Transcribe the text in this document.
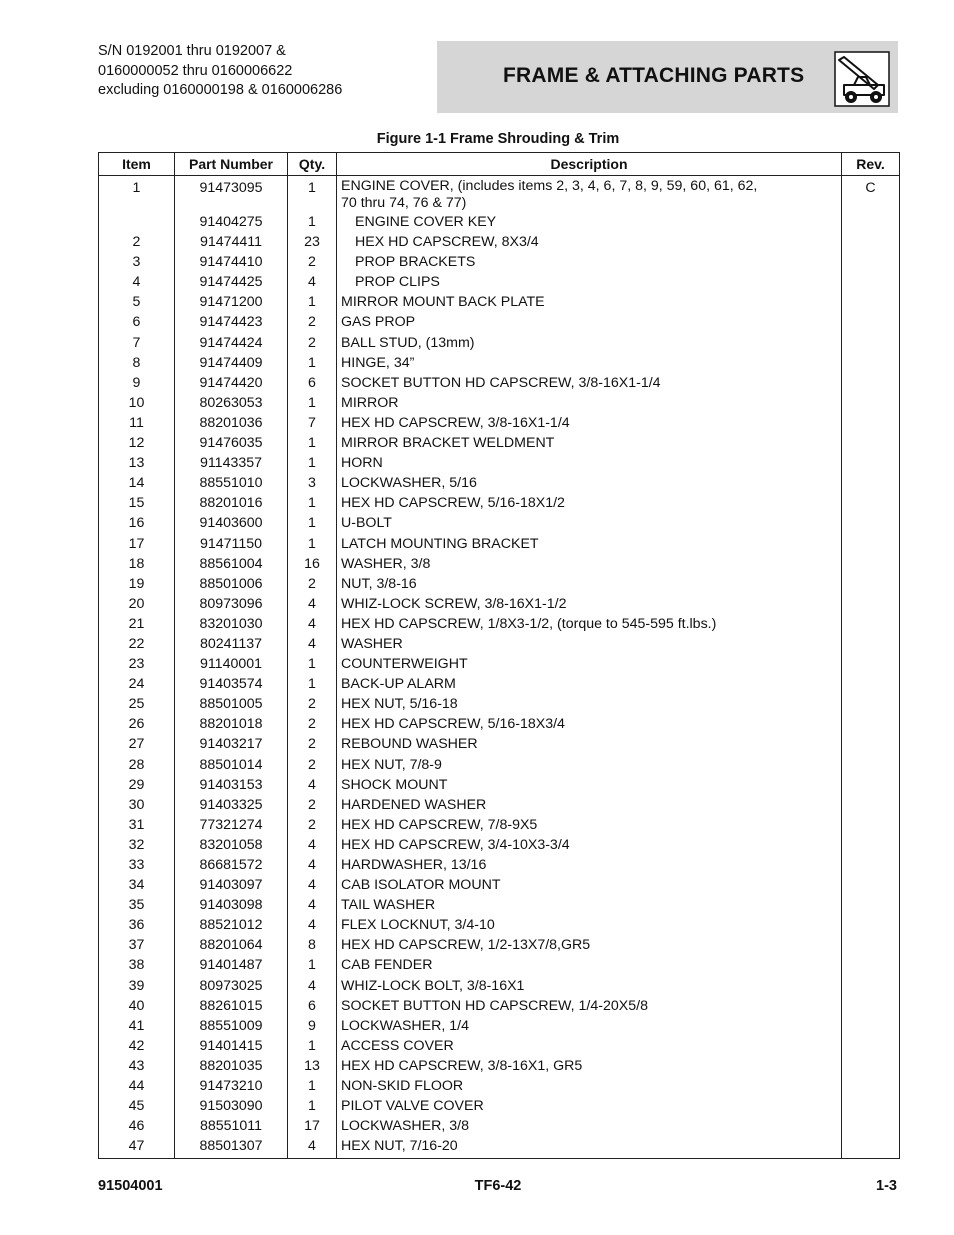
S/N 0192001 thru 0192007 &
0160000052 thru 0160006622
excluding 0160000198 & 0160006286
FRAME & ATTACHING PARTS
Figure 1-1 Frame Shrouding & Trim
Item	Part Number	Qty.	Description	Rev.
1	91473095	1	ENGINE COVER, (includes items 2, 3, 4, 6, 7, 8, 9, 59, 60, 61, 62, 70 thru 74, 76 & 77)	C
	91404275	1	ENGINE COVER KEY	
2	91474411	23	HEX HD CAPSCREW, 8X3/4	
3	91474410	2	PROP BRACKETS	
4	91474425	4	PROP CLIPS	
5	91471200	1	MIRROR MOUNT BACK PLATE	
6	91474423	2	GAS PROP	
7	91474424	2	BALL STUD, (13mm)	
8	91474409	1	HINGE, 34”	
9	91474420	6	SOCKET BUTTON HD CAPSCREW, 3/8-16X1-1/4	
10	80263053	1	MIRROR	
11	88201036	7	HEX HD CAPSCREW, 3/8-16X1-1/4	
12	91476035	1	MIRROR BRACKET WELDMENT	
13	91143357	1	HORN	
14	88551010	3	LOCKWASHER, 5/16	
15	88201016	1	HEX HD CAPSCREW, 5/16-18X1/2	
16	91403600	1	U-BOLT	
17	91471150	1	LATCH MOUNTING BRACKET	
18	88561004	16	WASHER, 3/8	
19	88501006	2	NUT, 3/8-16	
20	80973096	4	WHIZ-LOCK SCREW, 3/8-16X1-1/2	
21	83201030	4	HEX HD CAPSCREW, 1/8X3-1/2, (torque to 545-595 ft.lbs.)	
22	80241137	4	WASHER	
23	91140001	1	COUNTERWEIGHT	
24	91403574	1	BACK-UP ALARM	
25	88501005	2	HEX NUT, 5/16-18	
26	88201018	2	HEX HD CAPSCREW, 5/16-18X3/4	
27	91403217	2	REBOUND WASHER	
28	88501014	2	HEX NUT, 7/8-9	
29	91403153	4	SHOCK MOUNT	
30	91403325	2	HARDENED WASHER	
31	77321274	2	HEX HD CAPSCREW, 7/8-9X5	
32	83201058	4	HEX HD CAPSCREW, 3/4-10X3-3/4	
33	86681572	4	HARDWASHER, 13/16	
34	91403097	4	CAB ISOLATOR MOUNT	
35	91403098	4	TAIL WASHER	
36	88521012	4	FLEX LOCKNUT, 3/4-10	
37	88201064	8	HEX HD CAPSCREW, 1/2-13X7/8,GR5	
38	91401487	1	CAB FENDER	
39	80973025	4	WHIZ-LOCK BOLT, 3/8-16X1	
40	88261015	6	SOCKET BUTTON HD CAPSCREW, 1/4-20X5/8	
41	88551009	9	LOCKWASHER, 1/4	
42	91401415	1	ACCESS COVER	
43	88201035	13	HEX HD CAPSCREW, 3/8-16X1, GR5	
44	91473210	1	NON-SKID FLOOR	
45	91503090	1	PILOT VALVE COVER	
46	88551011	17	LOCKWASHER, 3/8	
47	88501307	4	HEX NUT, 7/16-20	
91504001	TF6-42	1-3
